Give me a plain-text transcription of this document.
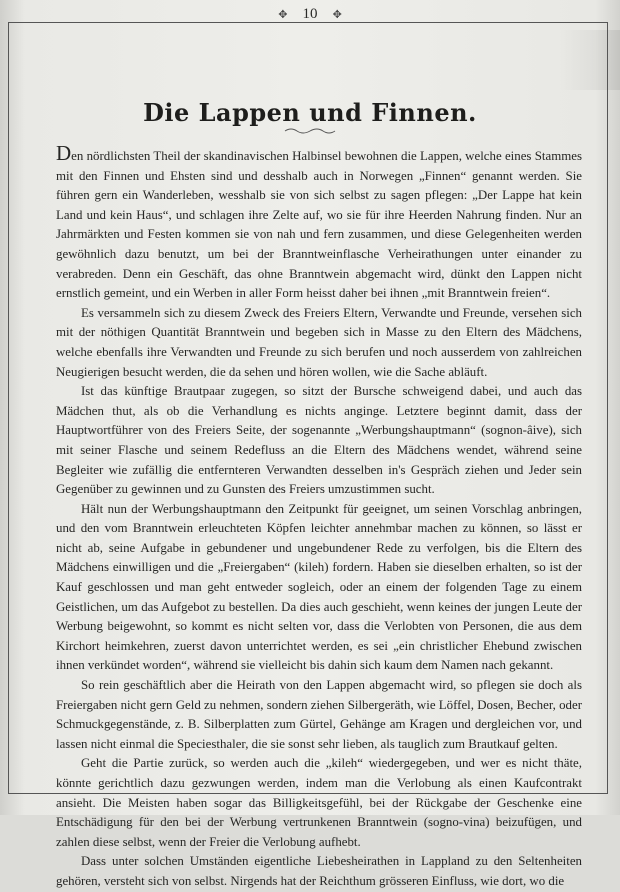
✥ 10 ✥
Die Lappen und Finnen.

Den nördlichsten Theil der skandinavischen Halbinsel bewohnen die Lappen, welche eines Stammes mit den Finnen und Ehsten sind und desshalb auch in Norwegen „Finnen“ genannt werden. Sie führen gern ein Wanderleben, wesshalb sie von sich selbst zu sagen pflegen: „Der Lappe hat kein Land und kein Haus“, und schlagen ihre Zelte auf, wo sie für ihre Heerden Nahrung finden. Nur an Jahrmärkten und Festen kommen sie von nah und fern zusammen, und diese Gelegenheiten werden gewöhnlich dazu benutzt, um bei der Branntweinflasche Verheirathungen unter einander zu verabreden. Denn ein Geschäft, das ohne Branntwein abgemacht wird, dünkt den Lappen nicht ernstlich gemeint, und ein Werben in aller Form heisst daher bei ihnen „mit Branntwein freien“.

Es versammeln sich zu diesem Zweck des Freiers Eltern, Verwandte und Freunde, versehen sich mit der nöthigen Quantität Branntwein und begeben sich in Masse zu den Eltern des Mädchens, welche ebenfalls ihre Verwandten und Freunde zu sich berufen und noch ausserdem von zahlreichen Neugierigen besucht werden, die da sehen und hören wollen, wie die Sache abläuft.

Ist das künftige Brautpaar zugegen, so sitzt der Bursche schweigend dabei, und auch das Mädchen thut, als ob die Verhandlung es nichts anginge. Letztere beginnt damit, dass der Hauptwortführer von des Freiers Seite, der sogenannte „Werbungshauptmann“ (sognon-âive), sich mit seiner Flasche und seinem Redefluss an die Eltern des Mädchens wendet, während seine Begleiter wie zufällig die entfernteren Verwandten desselben in's Gespräch ziehen und Jeder sein Gegenüber zu gewinnen und zu Gunsten des Freiers umzustimmen sucht.

Hält nun der Werbungshauptmann den Zeitpunkt für geeignet, um seinen Vorschlag anbringen, und den vom Branntwein erleuchteten Köpfen leichter annehmbar machen zu können, so lässt er nicht ab, seine Aufgabe in gebundener und ungebundener Rede zu verfolgen, bis die Eltern des Mädchens einwilligen und die „Freiergaben“ (kileh) fordern. Haben sie dieselben erhalten, so ist der Kauf geschlossen und man geht entweder sogleich, oder an einem der folgenden Tage zu einem Geistlichen, um das Aufgebot zu bestellen. Da dies auch geschieht, wenn keines der jungen Leute der Werbung beigewohnt, so kommt es nicht selten vor, dass die Verlobten von Personen, die aus dem Kirchort heimkehren, zuerst davon unterrichtet werden, es sei „ein christlicher Ehebund zwischen ihnen verkündet worden“, während sie vielleicht bis dahin sich kaum dem Namen nach gekannt.

So rein geschäftlich aber die Heirath von den Lappen abgemacht wird, so pflegen sie doch als Freiergaben nicht gern Geld zu nehmen, sondern ziehen Silbergeräth, wie Löffel, Dosen, Becher, oder Schmuckgegenstände, z. B. Silberplatten zum Gürtel, Gehänge am Kragen und dergleichen vor, und lassen nicht einmal die Speciesthaler, die sie sonst sehr lieben, als tauglich zum Brautkauf gelten.

Geht die Partie zurück, so werden auch die „kileh“ wiedergegeben, und wer es nicht thäte, könnte gerichtlich dazu gezwungen werden, indem man die Verlobung als einen Kaufcontrakt ansieht. Die Meisten haben sogar das Billigkeitsgefühl, bei der Rückgabe der Geschenke eine Entschädigung für den bei der Werbung vertrunkenen Branntwein (sogno-vina) beizufügen, und zahlen diese selbst, wenn der Freier die Verlobung aufhebt.

Dass unter solchen Umständen eigentliche Liebesheirathen in Lappland zu den Seltenheiten gehören, versteht sich von selbst. Nirgends hat der Reichthum grösseren Einfluss, wie dort, wo die
